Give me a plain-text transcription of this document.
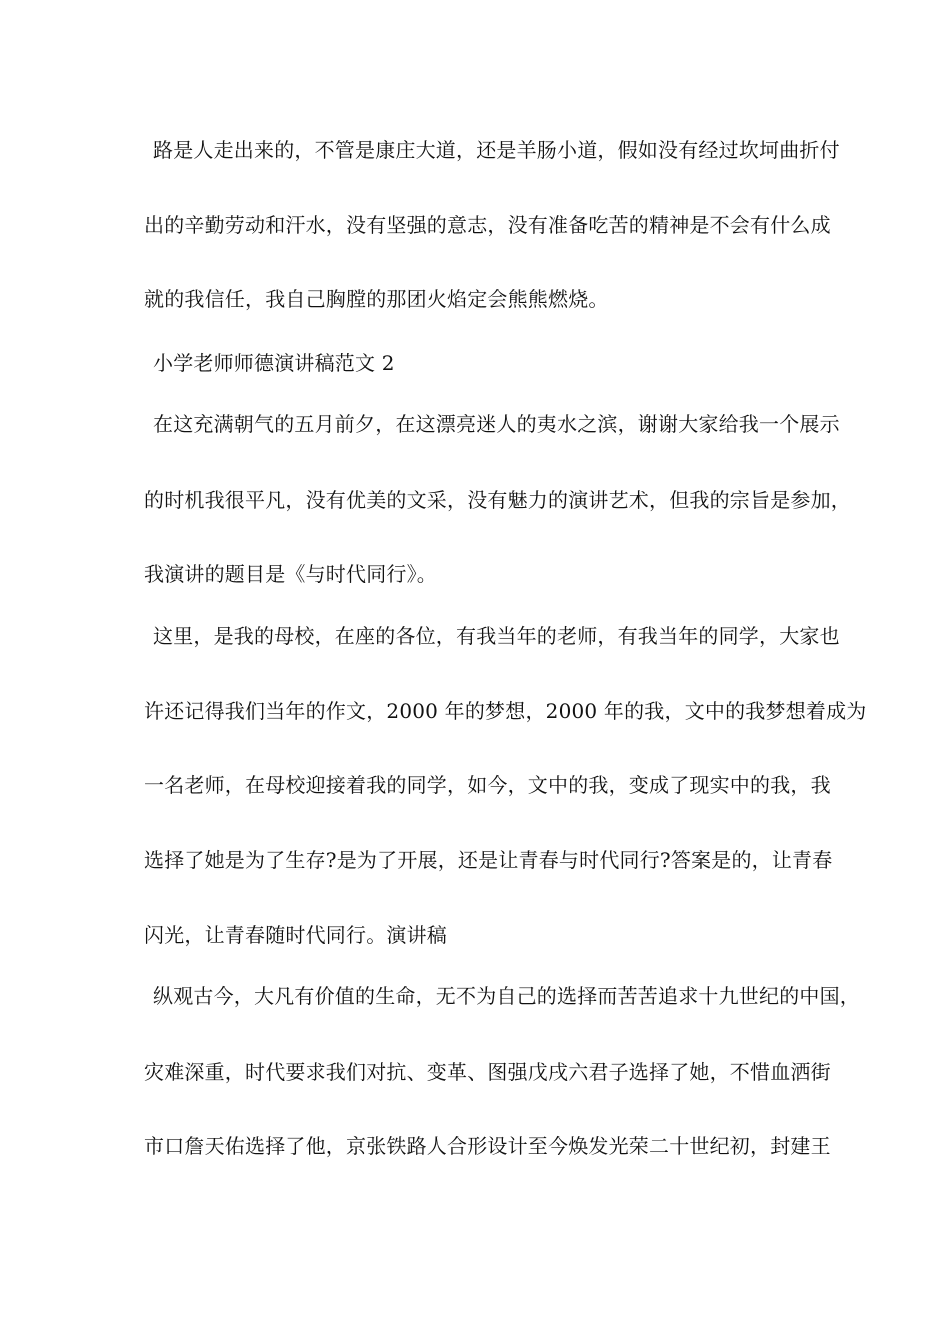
路是人走出来的，不管是康庄大道，还是羊肠小道，假如没有经过坎坷曲折付
出的辛勤劳动和汗水，没有坚强的意志，没有准备吃苦的精神是不会有什么成
就的我信任，我自己胸膛的那团火焰定会熊熊燃烧。
小学老师师德演讲稿范文 2
在这充满朝气的五月前夕，在这漂亮迷人的夷水之滨，谢谢大家给我一个展示
的时机我很平凡，没有优美的文采，没有魅力的演讲艺术，但我的宗旨是参加，
我演讲的题目是《与时代同行》。
这里，是我的母校，在座的各位，有我当年的老师，有我当年的同学，大家也
许还记得我们当年的作文，2000 年的梦想，2000 年的我，文中的我梦想着成为
一名老师，在母校迎接着我的同学，如今，文中的我，变成了现实中的我，我
选择了她是为了生存?是为了开展，还是让青春与时代同行?答案是的，让青春
闪光，让青春随时代同行。演讲稿
纵观古今，大凡有价值的生命，无不为自己的选择而苦苦追求十九世纪的中国，
灾难深重，时代要求我们对抗、变革、图强戊戌六君子选择了她，不惜血洒街
市口詹天佑选择了他，京张铁路人合形设计至今焕发光荣二十世纪初，封建王
